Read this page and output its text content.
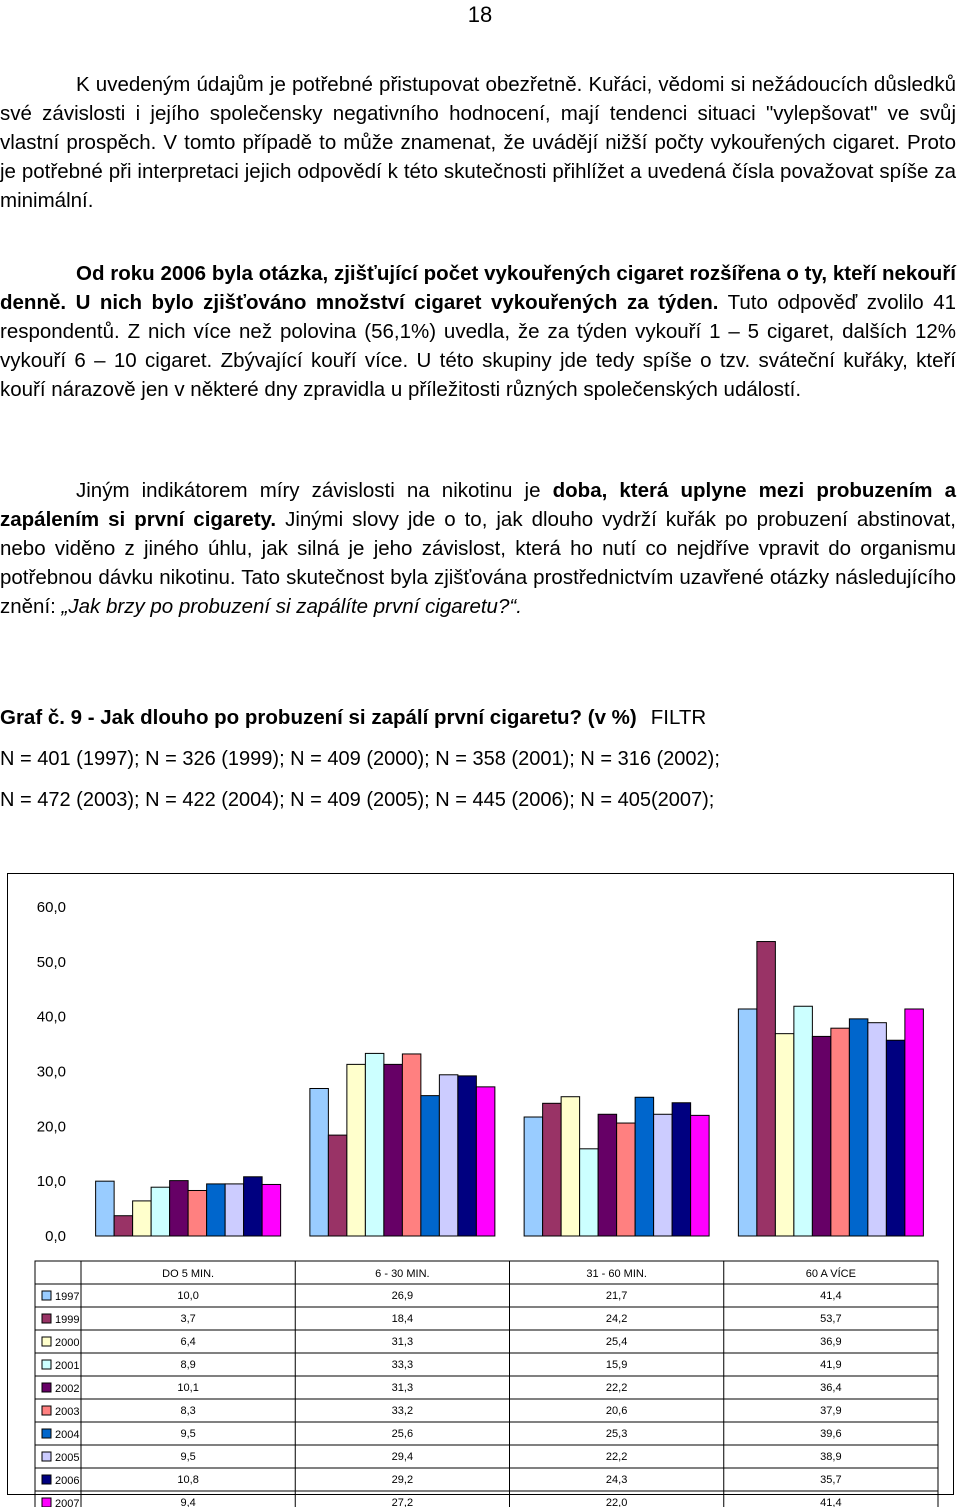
18
K uvedeným údajům je potřebné přistupovat obezřetně. Kuřáci, vědomi si nežádoucích důsledků své závislosti i jejího společensky negativního hodnocení, mají tendenci situaci "vylepšovat" ve svůj vlastní prospěch. V tomto případě to může znamenat, že uvádějí nižší počty vykouřených cigaret. Proto je potřebné při interpretaci jejich odpovědí k této skutečnosti přihlížet a uvedená čísla považovat spíše za minimální.
Od roku 2006 byla otázka, zjišťující počet vykouřených cigaret rozšířena o ty, kteří nekouří denně. U nich bylo zjišťováno množství cigaret vykouřených za týden. Tuto odpověď zvolilo 41 respondentů. Z nich více než polovina (56,1%) uvedla, že za týden vykouří 1 – 5 cigaret, dalších 12% vykouří 6 – 10 cigaret. Zbývající kouří více. U této skupiny jde tedy spíše o tzv. sváteční kuřáky, kteří kouří nárazově jen v některé dny zpravidla u příležitosti různých společenských událostí.
Jiným indikátorem míry závislosti na nikotinu je doba, která uplyne mezi probuzením a zapálením si první cigarety. Jinými slovy jde o to, jak dlouho vydrží kuřák po probuzení abstinovat, nebo viděno z jiného úhlu, jak silná je jeho závislost, která ho nutí co nejdříve vpravit do organismu potřebnou dávku nikotinu. Tato skutečnost byla zjišťována prostřednictvím uzavřené otázky následujícího znění: „Jak brzy po probuzení si zapálíte první cigaretu?“.
Graf č. 9 - Jak dlouho po probuzení si zapálí první cigaretu? (v %) FILTR
N = 401 (1997); N = 326 (1999); N = 409 (2000); N = 358 (2001); N = 316 (2002);
N = 472 (2003); N = 422 (2004); N = 409 (2005); N = 445 (2006); N = 405(2007);
0,0
10,0
20,0
30,0
40,0
50,0
60,0
DO 5 MIN.	6 - 30 MIN.	31 - 60 MIN.	60 A VÍCE
1997	10,0	26,9	21,7	41,4
1999	3,7	18,4	24,2	53,7
2000	6,4	31,3	25,4	36,9
2001	8,9	33,3	15,9	41,9
2002	10,1	31,3	22,2	36,4
2003	8,3	33,2	20,6	37,9
2004	9,5	25,6	25,3	39,6
2005	9,5	29,4	22,2	38,9
2006	10,8	29,2	24,3	35,7
2007	9,4	27,2	22,0	41,4
